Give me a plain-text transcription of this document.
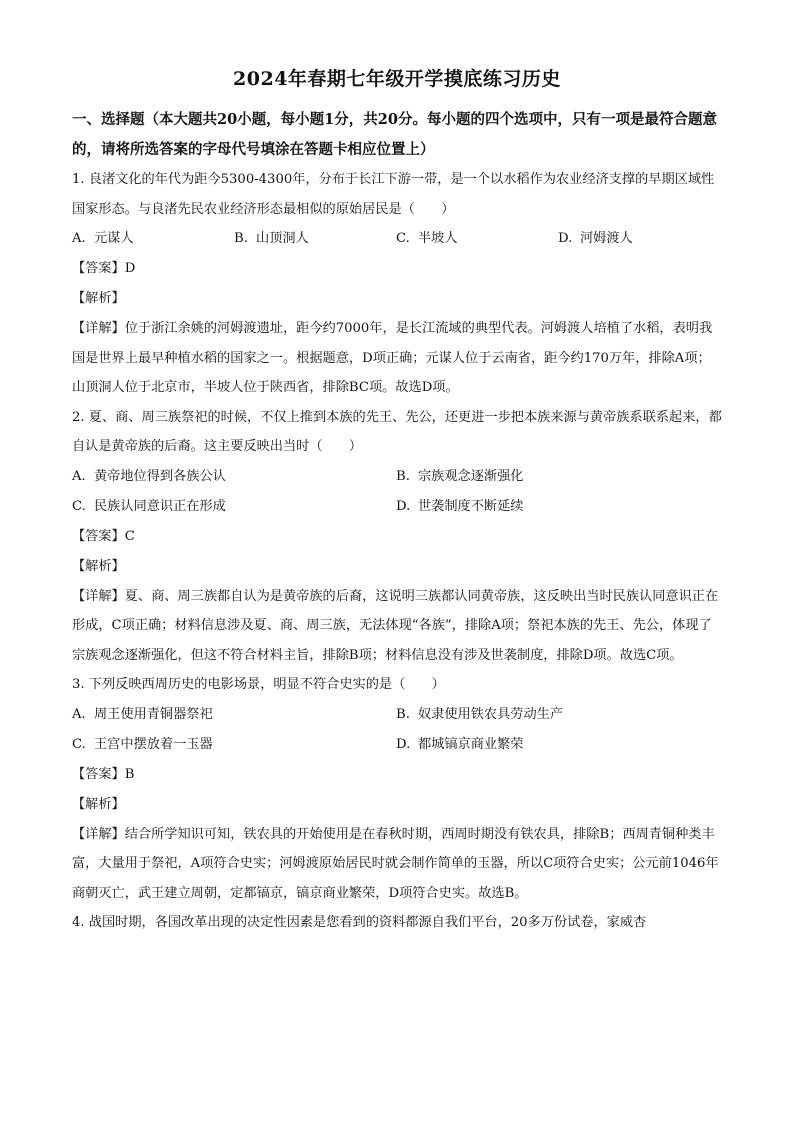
2024年春期七年级开学摸底练习历史

一、选择题（本大题共20小题，每小题1分，共20分。每小题的四个选项中，只有一项是最符合题意的，请将所选答案的字母代号填涂在答题卡相应位置上）

1. 良渚文化的年代为距今5300-4300年，分布于长江下游一带，是一个以水稻作为农业经济支撑的早期区域性国家形态。与良渚先民农业经济形态最相似的原始居民是（　　）

A. 元谋人	B. 山顶洞人	C. 半坡人	D. 河姆渡人
【答案】D
【解析】

【详解】位于浙江余姚的河姆渡遗址，距今约7000年，是长江流域的典型代表。河姆渡人培植了水稻，表明我国是世界上最早种植水稻的国家之一。根据题意，D项正确；元谋人位于云南省，距今约170万年，排除A项；山顶洞人位于北京市，半坡人位于陕西省，排除BC项。故选D项。

2. 夏、商、周三族祭祀的时候，不仅上推到本族的先王、先公，还更进一步把本族来源与黄帝族系联系起来，都自认是黄帝族的后裔。这主要反映出当时（　　）

A. 黄帝地位得到各族公认	B. 宗族观念逐渐强化
C. 民族认同意识正在形成	D. 世袭制度不断延续
【答案】C
【解析】

【详解】夏、商、周三族都自认为是黄帝族的后裔，这说明三族都认同黄帝族，这反映出当时民族认同意识正在形成，C项正确；材料信息涉及夏、商、周三族，无法体现“各族”，排除A项；祭祀本族的先王、先公，体现了宗族观念逐渐强化，但这不符合材料主旨，排除B项；材料信息没有涉及世袭制度，排除D项。故选C项。

3. 下列反映西周历史的电影场景，明显不符合史实的是（　　）

A. 周王使用青铜器祭祀	B. 奴隶使用铁农具劳动生产
C. 王宫中摆放着一玉器	D. 都城镐京商业繁荣
【答案】B
【解析】

【详解】结合所学知识可知，铁农具的开始使用是在春秋时期，西周时期没有铁农具，排除B；西周青铜种类丰富，大量用于祭祀，A项符合史实；河姆渡原始居民时就会制作简单的玉器，所以C项符合史实；公元前1046年商朝灭亡，武王建立周朝，定都镐京，镐京商业繁荣，D项符合史实。故选B。

4. 战国时期，各国改革出现的决定性因素是您看到的资料都源自我们平台，20多万份试卷，家威杏
